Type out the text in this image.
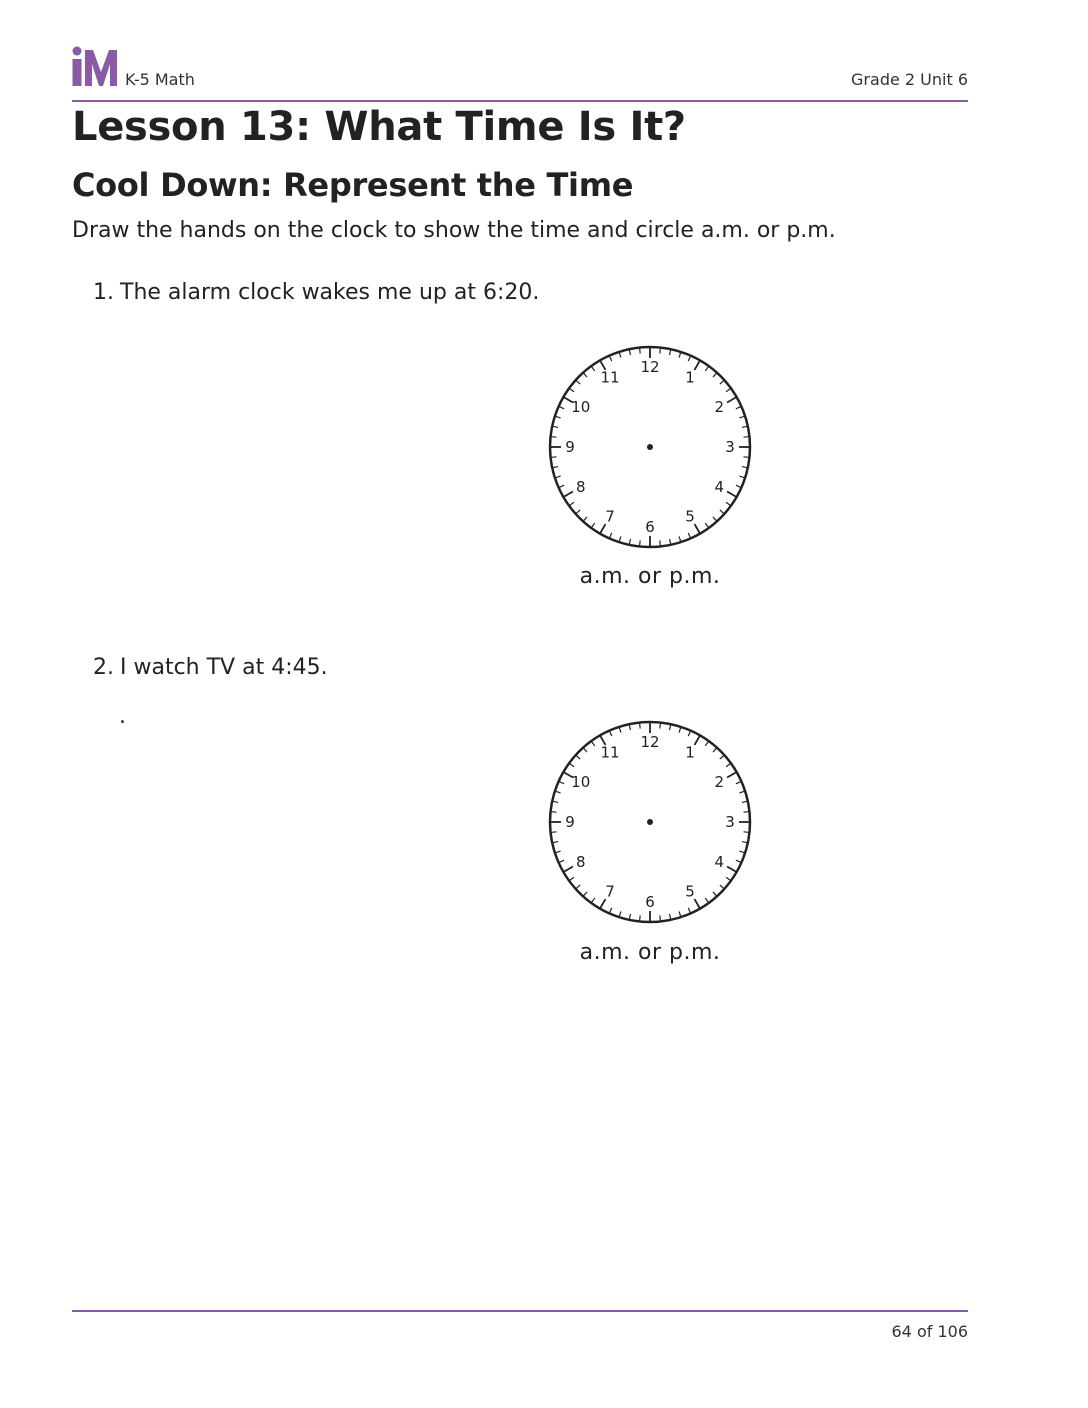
K-5 Math	Grade 2 Unit 6
Lesson 13: What Time Is It?
Cool Down: Represent the Time

Draw the hands on the clock to show the time and circle a.m. or p.m.

1. The alarm clock wakes me up at 6:20.
12
1
2
3
4
5
6
7
8
9
10
11
a.m. or p.m.
2. I watch TV at 4:45.
.
12
1
2
3
4
5
6
7
8
9
10
11
a.m. or p.m.
64 of 106
